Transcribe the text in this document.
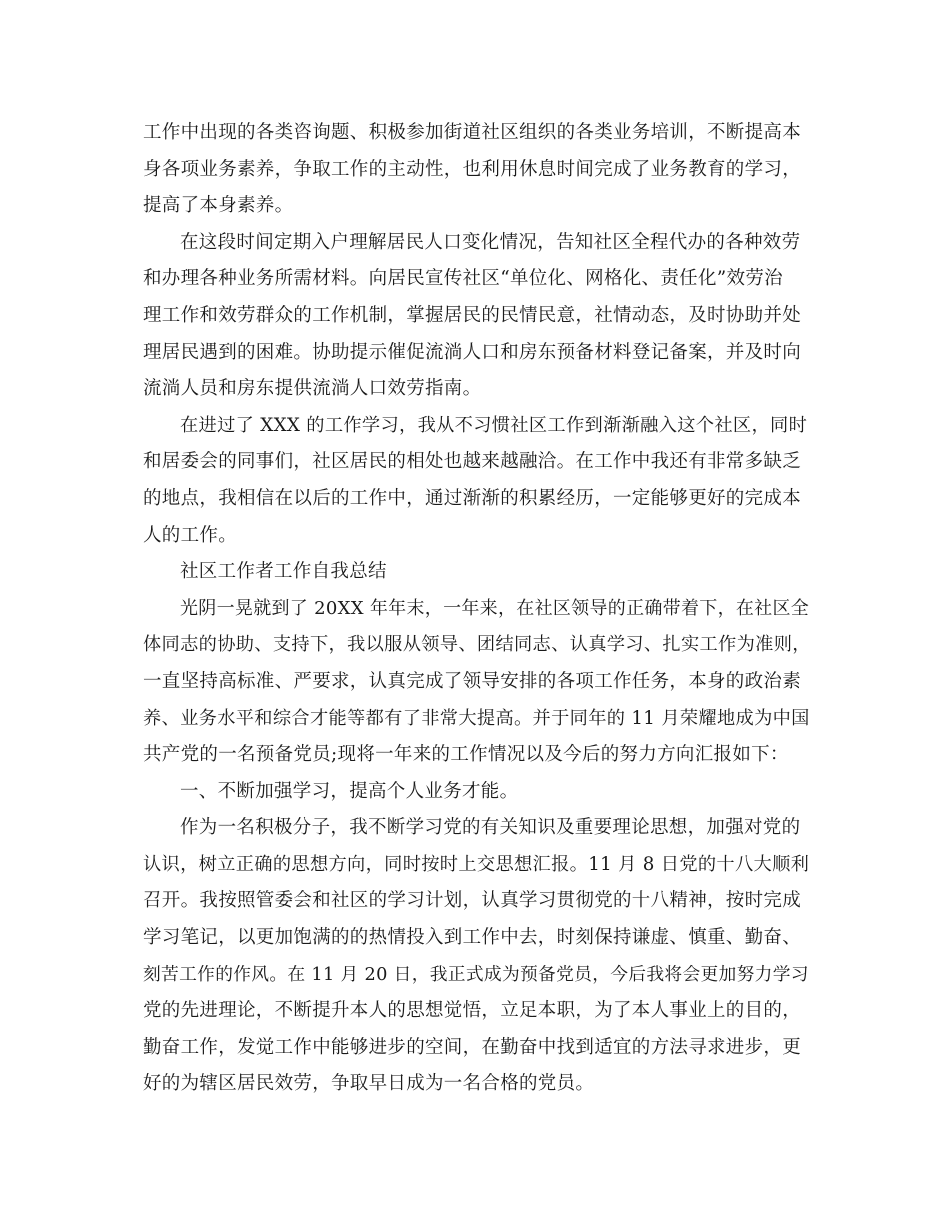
工作中出现的各类咨询题、积极参加街道社区组织的各类业务培训，不断提高本
身各项业务素养，争取工作的主动性，也利用休息时间完成了业务教育的学习，
提高了本身素养。
在这段时间定期入户理解居民人口变化情况，告知社区全程代办的各种效劳
和办理各种业务所需材料。向居民宣传社区“单位化、网格化、责任化”效劳治
理工作和效劳群众的工作机制，掌握居民的民情民意，社情动态，及时协助并处
理居民遇到的困难。协助提示催促流淌人口和房东预备材料登记备案，并及时向
流淌人员和房东提供流淌人口效劳指南。
在进过了 XXX 的工作学习，我从不习惯社区工作到渐渐融入这个社区，同时
和居委会的同事们，社区居民的相处也越来越融洽。在工作中我还有非常多缺乏
的地点，我相信在以后的工作中，通过渐渐的积累经历，一定能够更好的完成本
人的工作。
社区工作者工作自我总结
光阴一晃就到了 20XX 年年末，一年来，在社区领导的正确带着下，在社区全
体同志的协助、支持下，我以服从领导、团结同志、认真学习、扎实工作为准则，
一直坚持高标准、严要求，认真完成了领导安排的各项工作任务，本身的政治素
养、业务水平和综合才能等都有了非常大提高。并于同年的 11 月荣耀地成为中国
共产党的一名预备党员;现将一年来的工作情况以及今后的努力方向汇报如下：
一、不断加强学习，提高个人业务才能。
作为一名积极分子，我不断学习党的有关知识及重要理论思想，加强对党的
认识，树立正确的思想方向，同时按时上交思想汇报。11 月 8 日党的十八大顺利
召开。我按照管委会和社区的学习计划，认真学习贯彻党的十八精神，按时完成
学习笔记，以更加饱满的的热情投入到工作中去，时刻保持谦虚、慎重、勤奋、
刻苦工作的作风。在 11 月 20 日，我正式成为预备党员，今后我将会更加努力学习
党的先进理论，不断提升本人的思想觉悟，立足本职，为了本人事业上的目的，
勤奋工作，发觉工作中能够进步的空间，在勤奋中找到适宜的方法寻求进步，更
好的为辖区居民效劳，争取早日成为一名合格的党员。
